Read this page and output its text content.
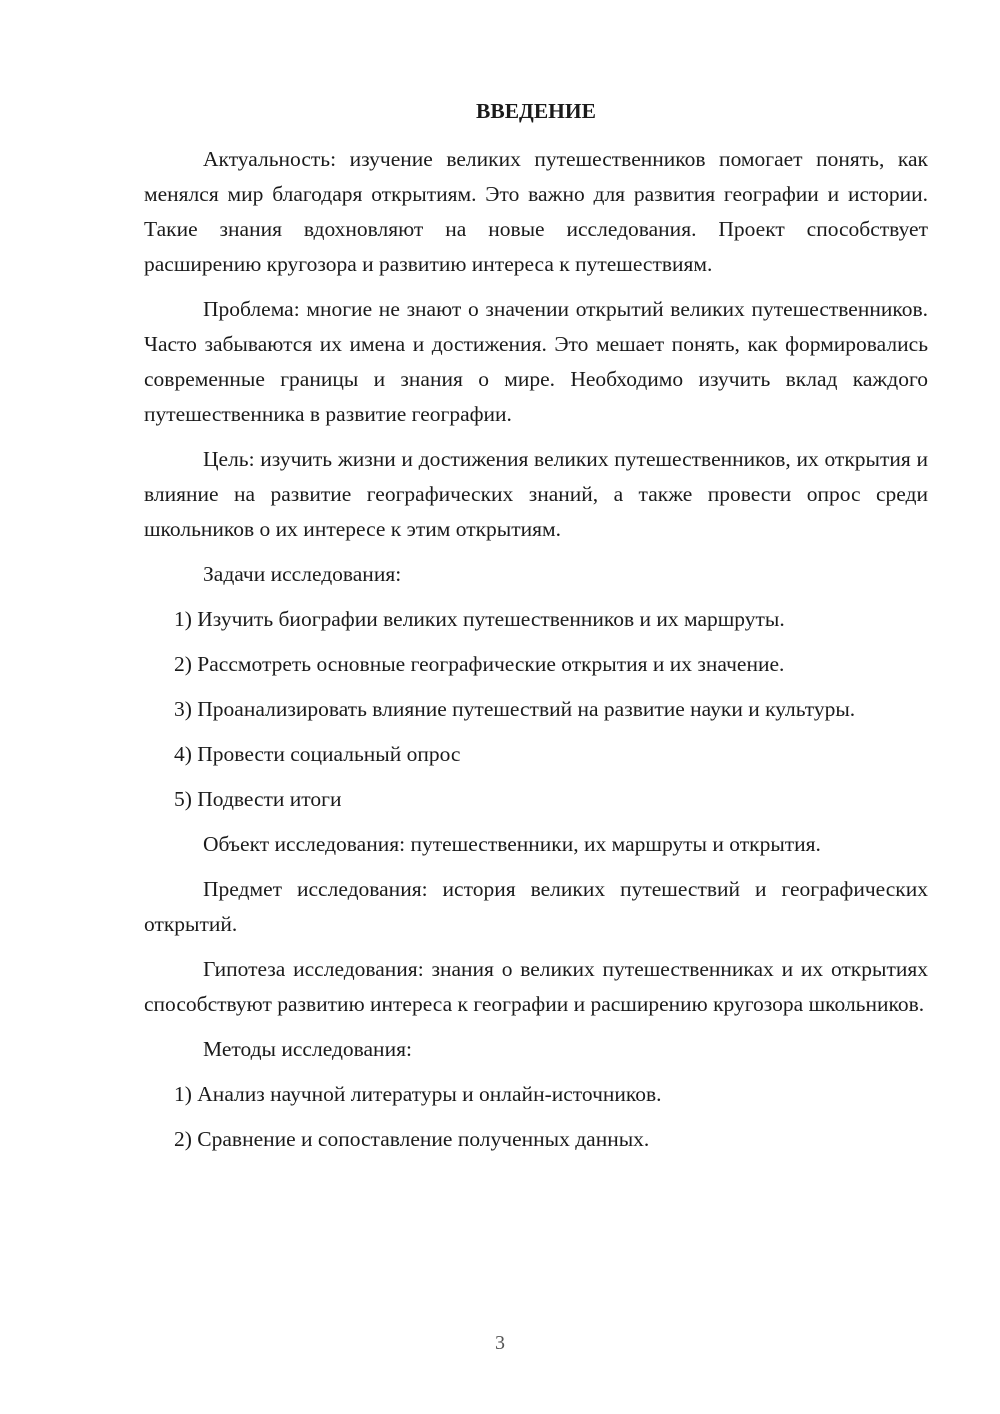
ВВЕДЕНИЕ

Актуальность: изучение великих путешественников помогает понять, как менялся мир благодаря открытиям. Это важно для развития географии и истории. Такие знания вдохновляют на новые исследования. Проект способствует расширению кругозора и развитию интереса к путешествиям.

Проблема: многие не знают о значении открытий великих путешественников. Часто забываются их имена и достижения. Это мешает понять, как формировались современные границы и знания о мире. Необходимо изучить вклад каждого путешественника в развитие географии.

Цель: изучить жизни и достижения великих путешественников, их открытия и влияние на развитие географических знаний, а также провести опрос среди школьников о их интересе к этим открытиям.

Задачи исследования:

1) Изучить биографии великих путешественников и их маршруты.

2) Рассмотреть основные географические открытия и их значение.

3) Проанализировать влияние путешествий на развитие науки и культуры.

4) Провести социальный опрос

5) Подвести итоги

Объект исследования: путешественники, их маршруты и открытия.

Предмет исследования: история великих путешествий и географических открытий.

Гипотеза исследования: знания о великих путешественниках и их открытиях способствуют развитию интереса к географии и расширению кругозора школьников.

Методы исследования:

1) Анализ научной литературы и онлайн-источников.

2) Сравнение и сопоставление полученных данных.

3
